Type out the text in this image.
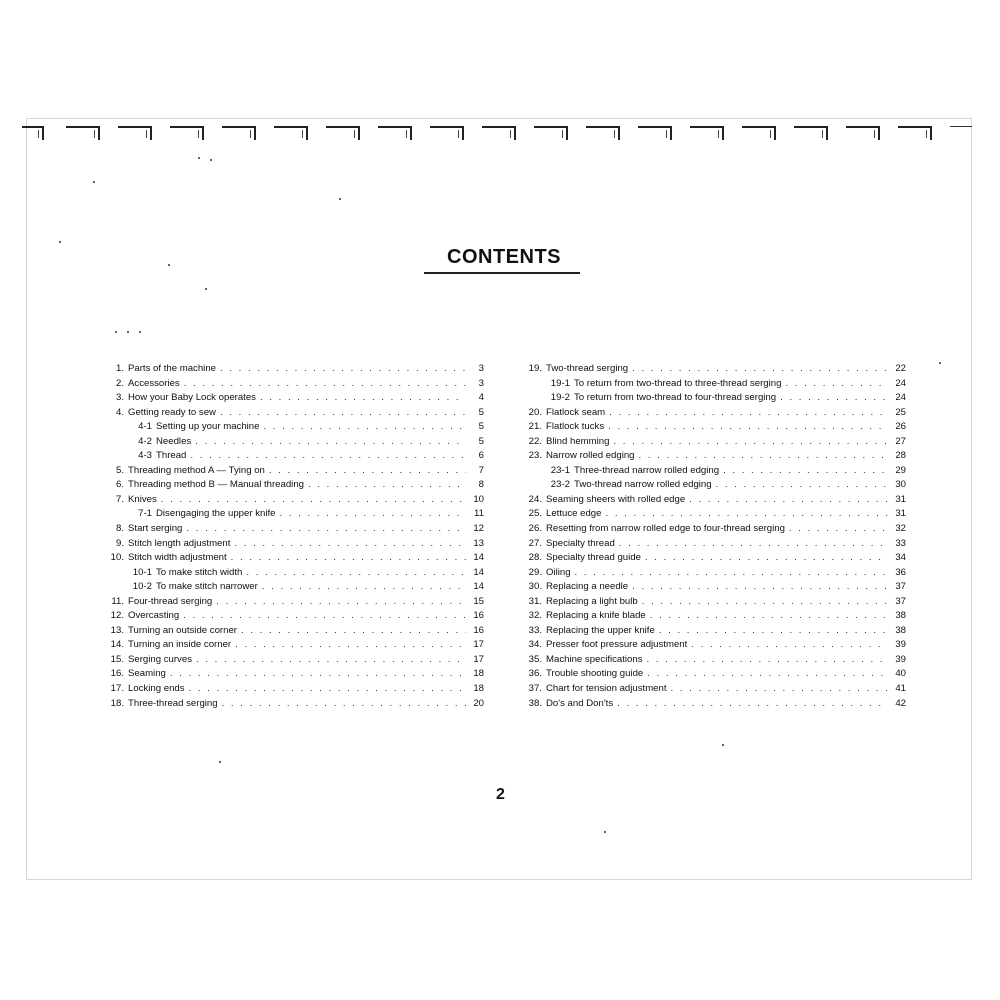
CONTENTS
1. Parts of the machine . . .	3
2. Accessories . . .	3
3. How your Baby Lock operates . . .	4
4. Getting ready to sew . . .	5
4-1 Setting up your machine . . .	5
4-2 Needles . . .	5
4-3 Thread . . .	6
5. Threading method A — Tying on . . .	7
6. Threading method B — Manual threading . . .	8
7. Knives . . .	10
7-1 Disengaging the upper knife . . .	11
8. Start serging . . .	12
9. Stitch length adjustment . . .	13
10. Stitch width adjustment . . .	14
10-1 To make stitch width . . .	14
10-2 To make stitch narrower . . .	14
11. Four-thread serging . . .	15
12. Overcasting . . .	16
13. Turning an outside corner . . .	16
14. Turning an inside corner . . .	17
15. Serging curves . . .	17
16. Seaming . . .	18
17. Locking ends . . .	18
18. Three-thread serging . . .	20
19. Two-thread serging . . .	22
19-1 To return from two-thread to three-thread serging . . .	24
19-2 To return from two-thread to four-thread serging . . .	24
20. Flatlock seam . . .	25
21. Flatlock tucks . . .	26
22. Blind hemming . . .	27
23. Narrow rolled edging . . .	28
23-1 Three-thread narrow rolled edging . . .	29
23-2 Two-thread narrow rolled edging . . .	30
24. Seaming sheers with rolled edge . . .	31
25. Lettuce edge . . .	31
26. Resetting from narrow rolled edge to four-thread serging . . .	32
27. Specialty thread . . .	33
28. Specialty thread guide . . .	34
29. Oiling . . .	36
30. Replacing a needle . . .	37
31. Replacing a light bulb . . .	37
32. Replacing a knife blade . . .	38
33. Replacing the upper knife . . .	38
34. Presser foot pressure adjustment . . .	39
35. Machine specifications . . .	39
36. Trouble shooting guide . . .	40
37. Chart for tension adjustment . . .	41
38. Do's and Don'ts . . .	42
2
